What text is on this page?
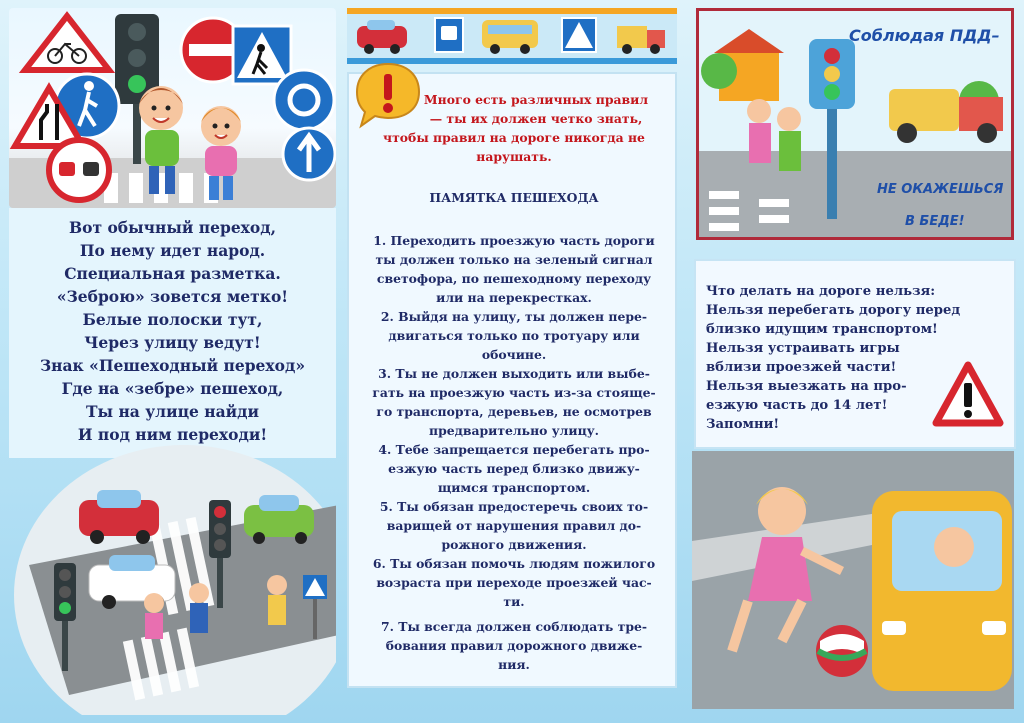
Вот обычный переход,
По нему идет народ.
Специальная разметка.
«Зеброю» зовется метко!
Белые полоски тут,
Через улицу ведут!
Знак «Пешеходный переход»
Где на «зебре» пешеход,
Ты на улице найди
И под ним переходи!
Много есть различных правил
— ты их должен четко знать,
чтобы правил на дороге никогда не
нарушать.
ПАМЯТКА ПЕШЕХОДА
1. Переходить проезжую часть дороги
ты должен только на зеленый сигнал
светофора, по пешеходному переходу
или на перекрестках.
2. Выйдя на улицу, ты должен пере-
двигаться только по тротуару или
обочине.
3. Ты не должен выходить или выбе-
гать на проезжую часть из-за стояще-
го транспорта, деревьев, не осмотрев
предварительно улицу.
4. Тебе запрещается перебегать про-
езжую часть перед близко движу-
щимся транспортом.
5. Ты обязан предостеречь своих то-
варищей от нарушения правил до-
рожного движения.
6. Ты обязан помочь людям пожилого
возраста при переходе проезжей час-
ти.
7. Ты всегда должен соблюдать тре-
бования правил дорожного движе-
ния.
Соблюдая ПДД–
НЕ ОКАЖЕШЬСЯ
В БЕДЕ!
Что делать на дороге нельзя:
Нельзя перебегать дорогу перед
близко идущим транспортом!
Нельзя устраивать игры
вблизи проезжей части!
Нельзя выезжать на про-
езжую часть до 14 лет!
Запомни!
